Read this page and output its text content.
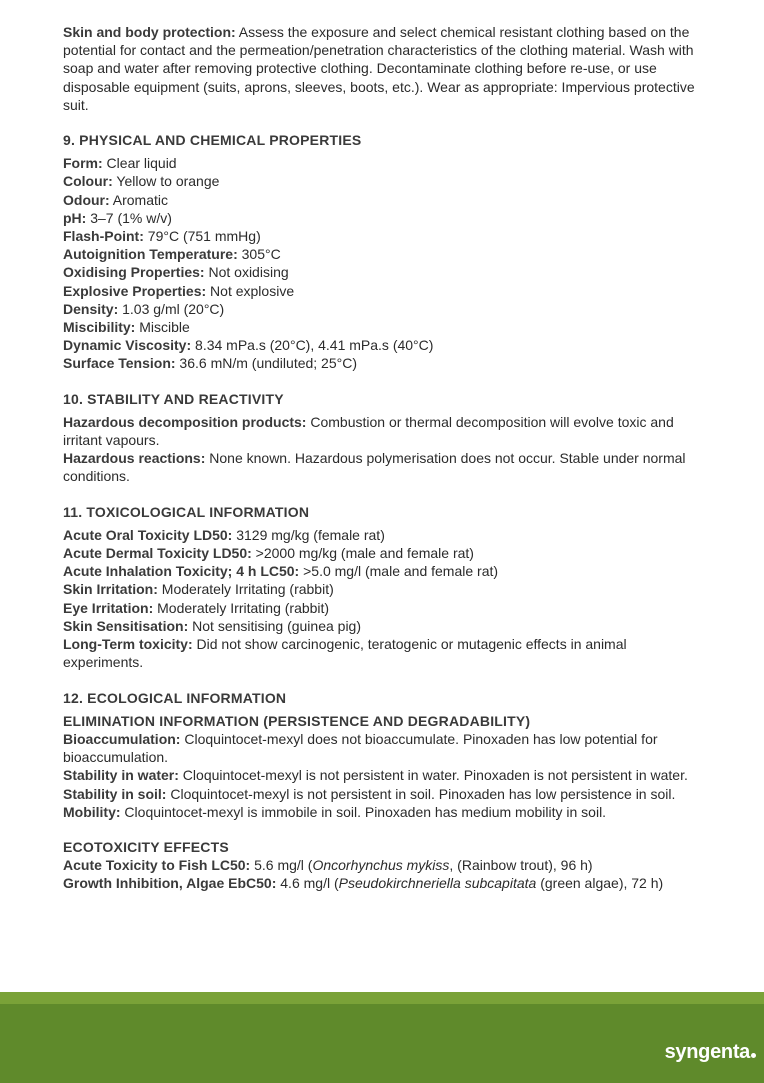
Skin and body protection: Assess the exposure and select chemical resistant clothing based on the potential for contact and the permeation/penetration characteristics of the clothing material. Wash with soap and water after removing protective clothing. Decontaminate clothing before re-use, or use disposable equipment (suits, aprons, sleeves, boots, etc.). Wear as appropriate: Impervious protective suit.

9. PHYSICAL AND CHEMICAL PROPERTIES

Form: Clear liquid

Colour: Yellow to orange

Odour: Aromatic

pH: 3–7 (1% w/v)

Flash-Point: 79°C (751 mmHg)

Autoignition Temperature: 305°C

Oxidising Properties: Not oxidising

Explosive Properties: Not explosive

Density: 1.03 g/ml (20°C)

Miscibility: Miscible

Dynamic Viscosity: 8.34 mPa.s (20°C), 4.41 mPa.s (40°C)

Surface Tension: 36.6 mN/m (undiluted; 25°C)

10. STABILITY AND REACTIVITY

Hazardous decomposition products: Combustion or thermal decomposition will evolve toxic and irritant vapours.

Hazardous reactions: None known. Hazardous polymerisation does not occur. Stable under normal conditions.

11. TOXICOLOGICAL INFORMATION

Acute Oral Toxicity LD50: 3129 mg/kg (female rat)

Acute Dermal Toxicity LD50: >2000 mg/kg (male and female rat)

Acute Inhalation Toxicity; 4 h LC50: >5.0 mg/l (male and female rat)

Skin Irritation: Moderately Irritating (rabbit)

Eye Irritation: Moderately Irritating (rabbit)

Skin Sensitisation: Not sensitising (guinea pig)

Long-Term toxicity: Did not show carcinogenic, teratogenic or mutagenic effects in animal experiments.

12. ECOLOGICAL INFORMATION

ELIMINATION INFORMATION (PERSISTENCE AND DEGRADABILITY)

Bioaccumulation: Cloquintocet-mexyl does not bioaccumulate. Pinoxaden has low potential for bioaccumulation.

Stability in water: Cloquintocet-mexyl is not persistent in water. Pinoxaden is not persistent in water.

Stability in soil: Cloquintocet-mexyl is not persistent in soil. Pinoxaden has low persistence in soil.

Mobility: Cloquintocet-mexyl is immobile in soil. Pinoxaden has medium mobility in soil.

ECOTOXICITY EFFECTS

Acute Toxicity to Fish LC50: 5.6 mg/l (Oncorhynchus mykiss, (Rainbow trout), 96 h)

Growth Inhibition, Algae EbC50: 4.6 mg/l (Pseudokirchneriella subcapitata (green algae), 72 h)

syngenta
